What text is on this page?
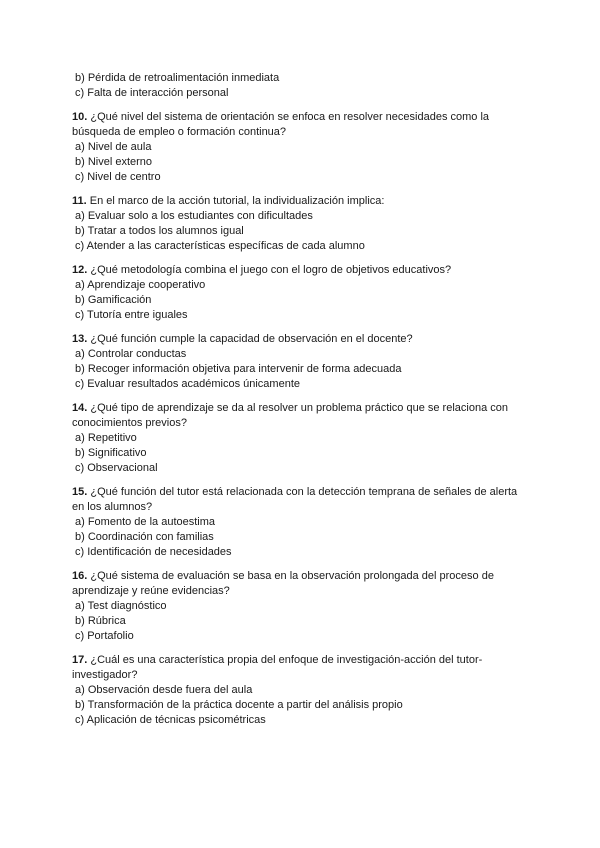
b) Pérdida de retroalimentación inmediata
c) Falta de interacción personal
10. ¿Qué nivel del sistema de orientación se enfoca en resolver necesidades como la búsqueda de empleo o formación continua?
a) Nivel de aula
b) Nivel externo
c) Nivel de centro
11. En el marco de la acción tutorial, la individualización implica:
a) Evaluar solo a los estudiantes con dificultades
b) Tratar a todos los alumnos igual
c) Atender a las características específicas de cada alumno
12. ¿Qué metodología combina el juego con el logro de objetivos educativos?
a) Aprendizaje cooperativo
b) Gamificación
c) Tutoría entre iguales
13. ¿Qué función cumple la capacidad de observación en el docente?
a) Controlar conductas
b) Recoger información objetiva para intervenir de forma adecuada
c) Evaluar resultados académicos únicamente
14. ¿Qué tipo de aprendizaje se da al resolver un problema práctico que se relaciona con conocimientos previos?
a) Repetitivo
b) Significativo
c) Observacional
15. ¿Qué función del tutor está relacionada con la detección temprana de señales de alerta en los alumnos?
a) Fomento de la autoestima
b) Coordinación con familias
c) Identificación de necesidades
16. ¿Qué sistema de evaluación se basa en la observación prolongada del proceso de aprendizaje y reúne evidencias?
a) Test diagnóstico
b) Rúbrica
c) Portafolio
17. ¿Cuál es una característica propia del enfoque de investigación-acción del tutor-investigador?
a) Observación desde fuera del aula
b) Transformación de la práctica docente a partir del análisis propio
c) Aplicación de técnicas psicométricas
